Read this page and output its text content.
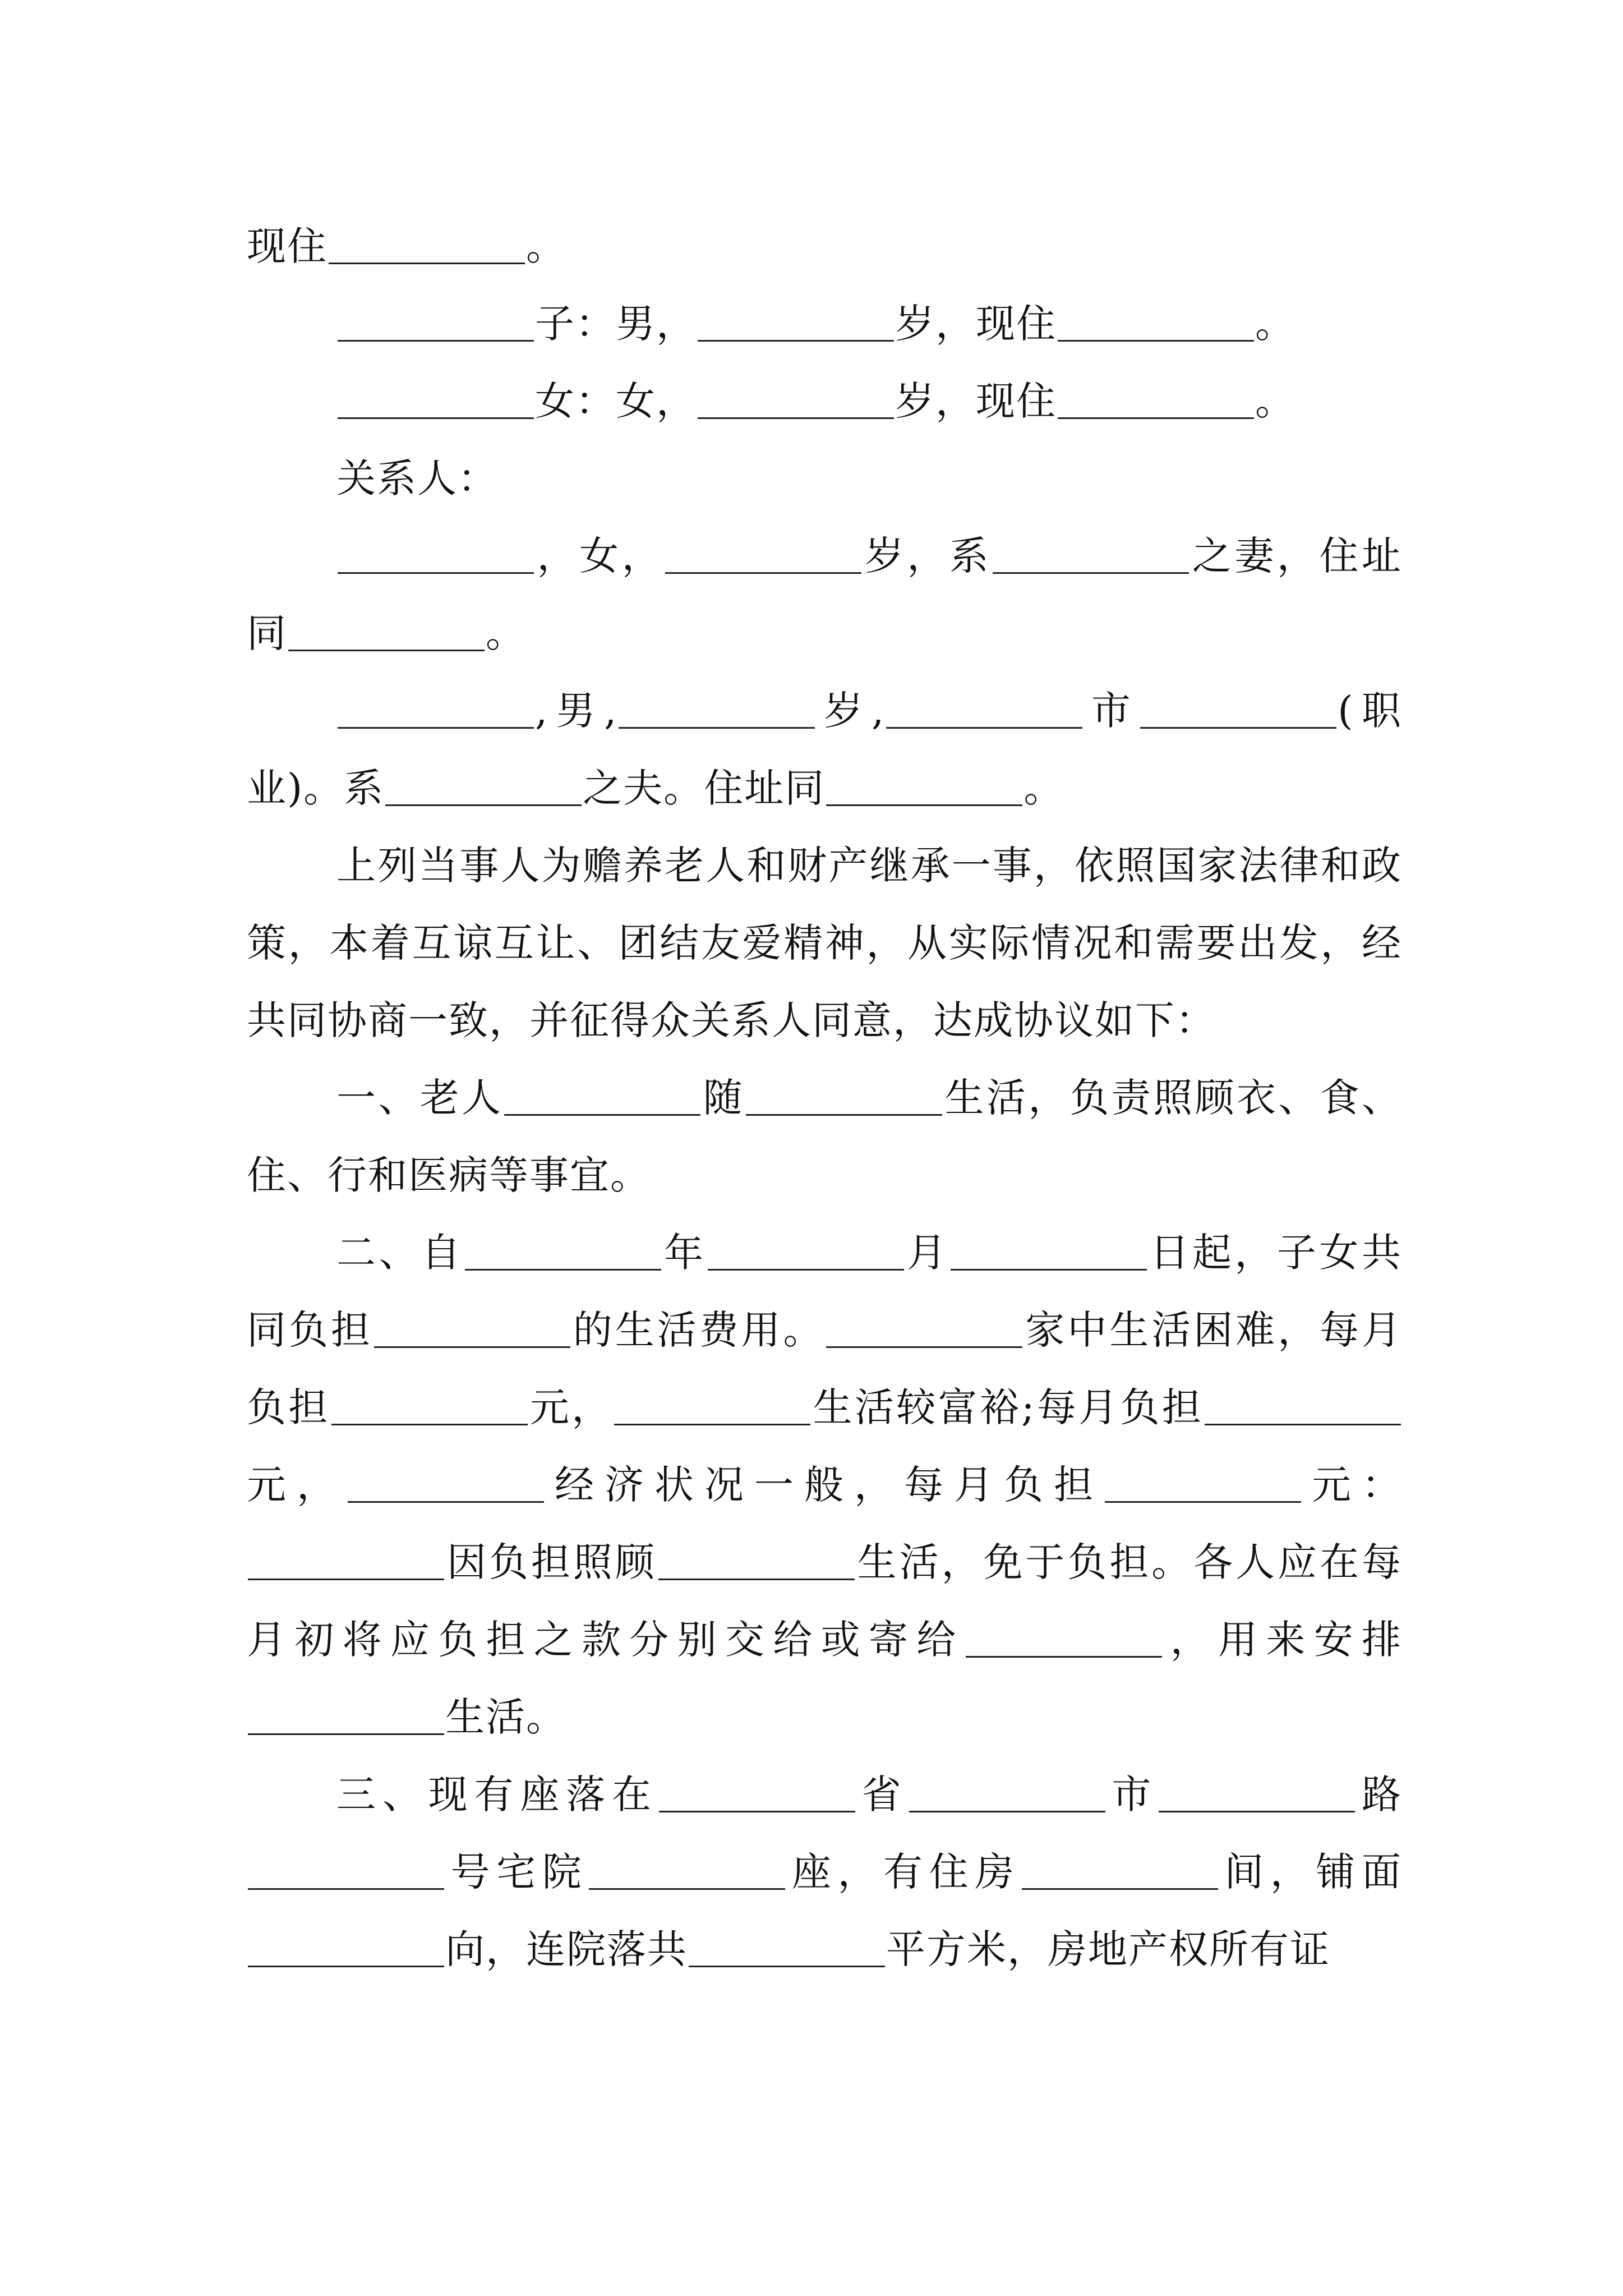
现住	。

子：男，	岁，现住	。

女：女，	岁，现住	。

关系人：

，女，	岁，系	之妻，住址同	。

,男,	岁,	市	(职业)。系	之夫。住址同	。

上列当事人为赡养老人和财产继承一事，依照国家法律和政策，本着互谅互让、团结友爱精神，从实际情况和需要出发，经共同协商一致，并征得众关系人同意，达成协议如下：

一、老人	随	生活，负责照顾衣、食、住、行和医病等事宜。

二、自	年	月	日起，子女共同负担	的生活费用。	家中生活困难，每月负担	元，	生活较富裕;每月负担元，	经济状况一般，每月负担	元：因负担照顾	生活，免于负担。各人应在每月初将应负担之款分别交给或寄给	，用来安排生活。

三、现有座落在	省	市	路号宅院	座，有住房	间，铺面向，连院落共	平方米，房地产权所有证
